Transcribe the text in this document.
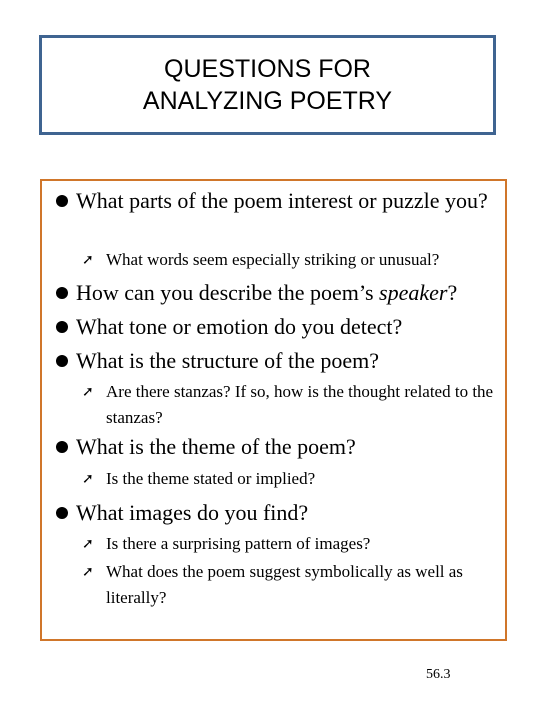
QUESTIONS FOR
ANALYZING POETRY
What parts of the poem interest or puzzle you?
➚ What words seem especially striking or unusual?
How can you describe the poem’s speaker?
What tone or emotion do you detect?
What is the structure of the poem?
➚ Are there stanzas? If so, how is the thought related to the stanzas?
What is the theme of the poem?
➚ Is the theme stated or implied?
What images do you find?
➚ Is there a surprising pattern of images?
➚ What does the poem suggest symbolically as well as literally?
56.3
